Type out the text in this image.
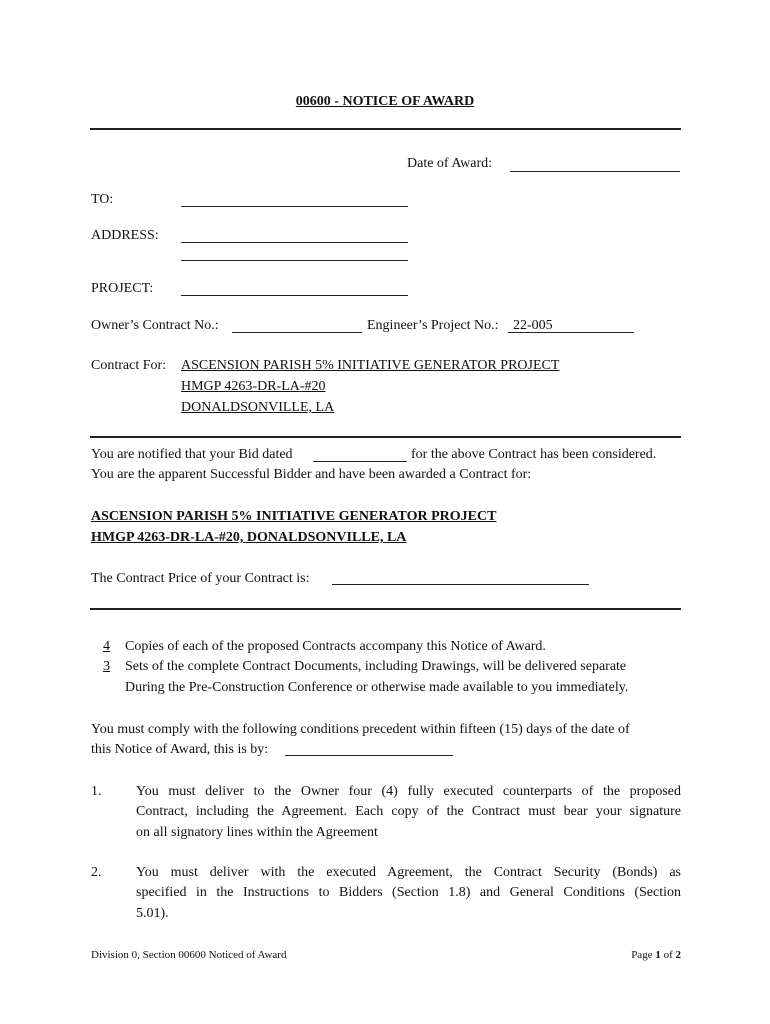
00600 - NOTICE OF AWARD
Date of Award:
TO:
ADDRESS:
PROJECT:
Owner’s Contract No.:	Engineer’s Project No.: 22-005
Contract For: ASCENSION PARISH 5% INITIATIVE GENERATOR PROJECT
HMGP 4263-DR-LA-#20
DONALDSONVILLE, LA
You are notified that your Bid dated	for the above Contract has been considered.
You are the apparent Successful Bidder and have been awarded a Contract for:
ASCENSION PARISH 5% INITIATIVE GENERATOR PROJECT
HMGP 4263-DR-LA-#20, DONALDSONVILLE, LA
The Contract Price of your Contract is:
4	Copies of each of the proposed Contracts accompany this Notice of Award.
3	Sets of the complete Contract Documents, including Drawings, will be delivered separate
During the Pre-Construction Conference or otherwise made available to you immediately.
You must comply with the following conditions precedent within fifteen (15) days of the date of
this Notice of Award, this is by:
1. You must deliver to the Owner four (4) fully executed counterparts of the proposed
Contract, including the Agreement. Each copy of the Contract must bear your signature
on all signatory lines within the Agreement
2. You must deliver with the executed Agreement, the Contract Security (Bonds) as
specified in the Instructions to Bidders (Section 1.8) and General Conditions (Section
5.01).
Division 0, Section 00600 Noticed of Award	Page 1 of 2
